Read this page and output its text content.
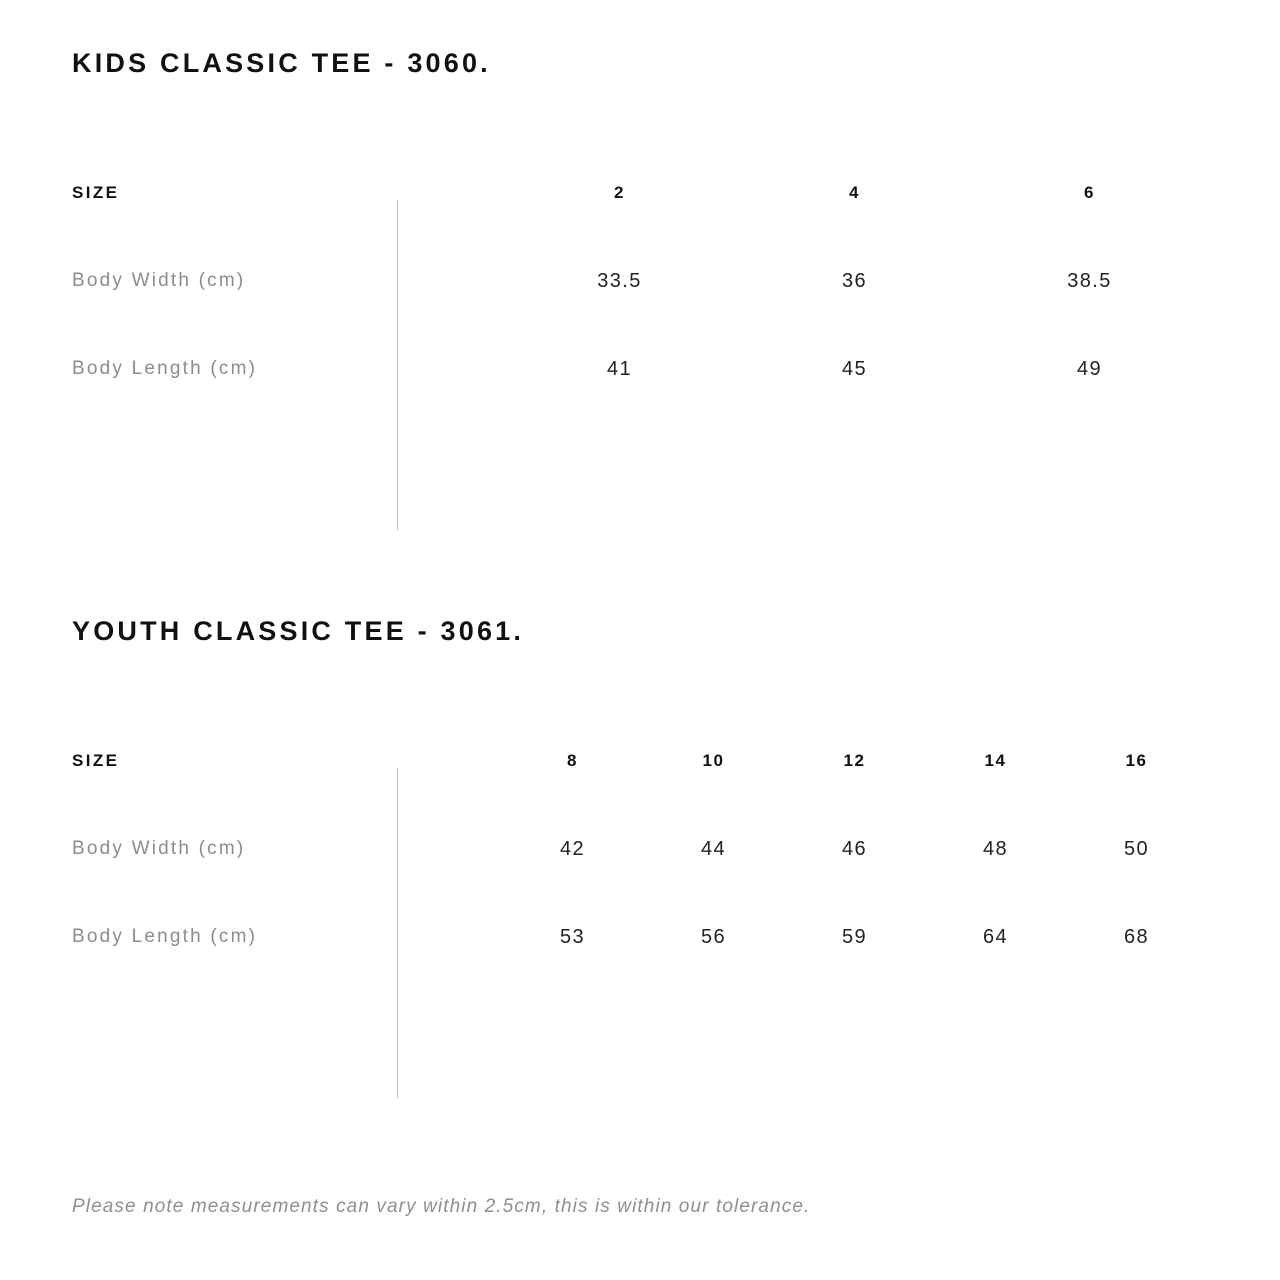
KIDS CLASSIC TEE - 3060.
SIZE	2	4	6	
Body Width (cm)	33.5	36	38.5	
Body Length (cm)	41	45	49	
YOUTH CLASSIC TEE - 3061.
SIZE	8	10	12	14	16	
Body Width (cm)	42	44	46	48	50	
Body Length (cm)	53	56	59	64	68	
Please note measurements can vary within 2.5cm, this is within our tolerance.
